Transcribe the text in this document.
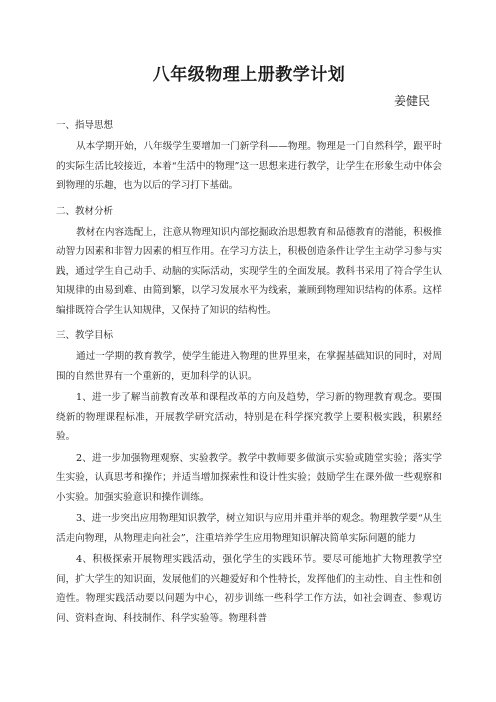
八年级物理上册教学计划
姜健民
一、指导思想

从本学期开始，八年级学生要增加一门新学科——物理。物理是一门自然科学，跟平时的实际生活比较接近，本着“生活中的物理”这一思想来进行教学，让学生在形象生动中体会到物理的乐趣，也为以后的学习打下基础。

二、教材分析

教材在内容选配上，注意从物理知识内部挖掘政治思想教育和品德教育的潜能，积极推动智力因素和非智力因素的相互作用。在学习方法上，积极创造条件让学生主动学习参与实践，通过学生自己动手、动脑的实际活动，实现学生的全面发展。教科书采用了符合学生认知规律的由易到难、由简到繁，以学习发展水平为线索，兼顾到物理知识结构的体系。这样编排既符合学生认知规律，又保持了知识的结构性。

三、教学目标

通过一学期的教育教学，使学生能进入物理的世界里来，在掌握基础知识的同时，对周围的自然世界有一个重新的，更加科学的认识。

1、进一步了解当前教育改革和课程改革的方向及趋势，学习新的物理教育观念。要围绕新的物理课程标准，开展教学研究活动，特别是在科学探究教学上要积极实践，积累经验。

2、进一步加强物理观察、实验教学。教学中教师要多做演示实验或随堂实验；落实学生实验，认真思考和操作；并适当增加探索性和设计性实验；鼓励学生在课外做一些观察和小实验。加强实验意识和操作训练。

3、进一步突出应用物理知识教学，树立知识与应用并重并举的观念。物理教学要“从生活走向物理，从物理走向社会”，注重培养学生应用物理知识解决简单实际问题的能力

4、积极探索开展物理实践活动，强化学生的实践环节。要尽可能地扩大物理教学空间，扩大学生的知识面，发展他们的兴趣爱好和个性特长，发挥他们的主动性、自主性和创造性。物理实践活动要以问题为中心，初步训练一些科学工作方法，如社会调查、参观访问、资料查询、科技制作、科学实验等。物理科普
